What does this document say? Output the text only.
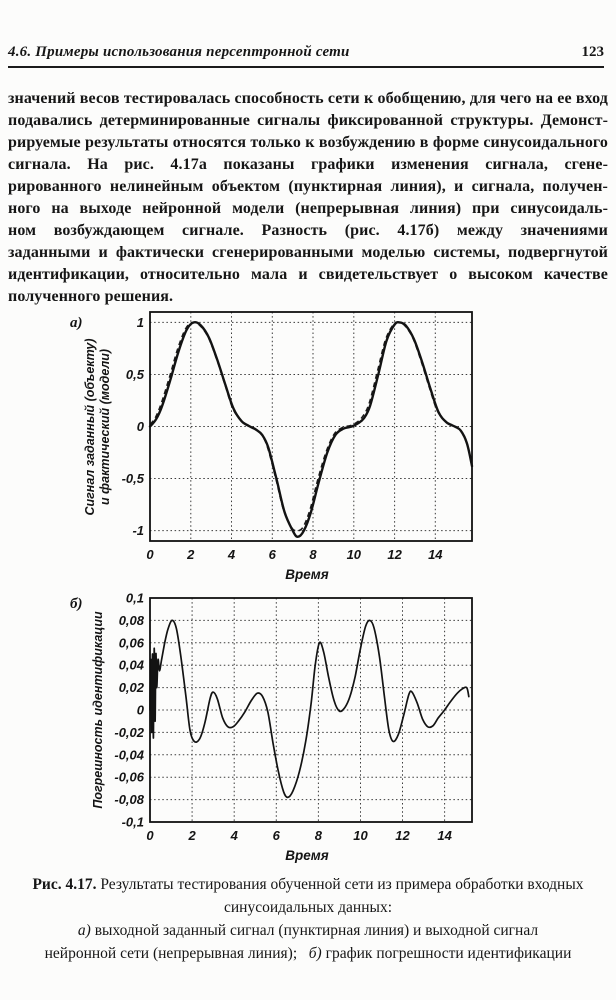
4.6. Примеры использования персептронной сети	123
значений весов тестировалась способность сети к обобщению, для чего на ее вход
подавались детерминированные сигналы фиксированной структуры. Демонст-
рируемые результаты относятся только к возбуждению в форме синусоидального
сигнала. На рис. 4.17а показаны графики изменения сигнала, сгене-
рированного нелинейным объектом (пунктирная линия), и сигнала, получен-
ного на выходе нейронной модели (непрерывная линия) при синусоидаль-
ном возбуждающем сигнале. Разность (рис. 4.17б) между значениями
заданными и фактически сгенерированными моделью системы, подвергнутой
идентификации, относительно мала и свидетельствует о высоком качестве
полученного решения.
1
0,5
0
-0,5
-1
0	2	4	6	8 10 12 14
а)
Сигнал заданный (объекту) и фактический (модели)
Время
0,1
0,08
0,06
0,04
0,02
0
-0,02
-0,04
-0,06
-0,08
-0,1
0	2	4	6	8 10 12 14
б)
Погрешность идентификации
Время
Рис. 4.17. Результаты тестирования обученной сети из примера обработки входных
синусоидальных данных:
а) выходной заданный сигнал (пунктирная линия) и выходной сигнал
нейронной сети (непрерывная линия);   б) график погрешности идентификации
